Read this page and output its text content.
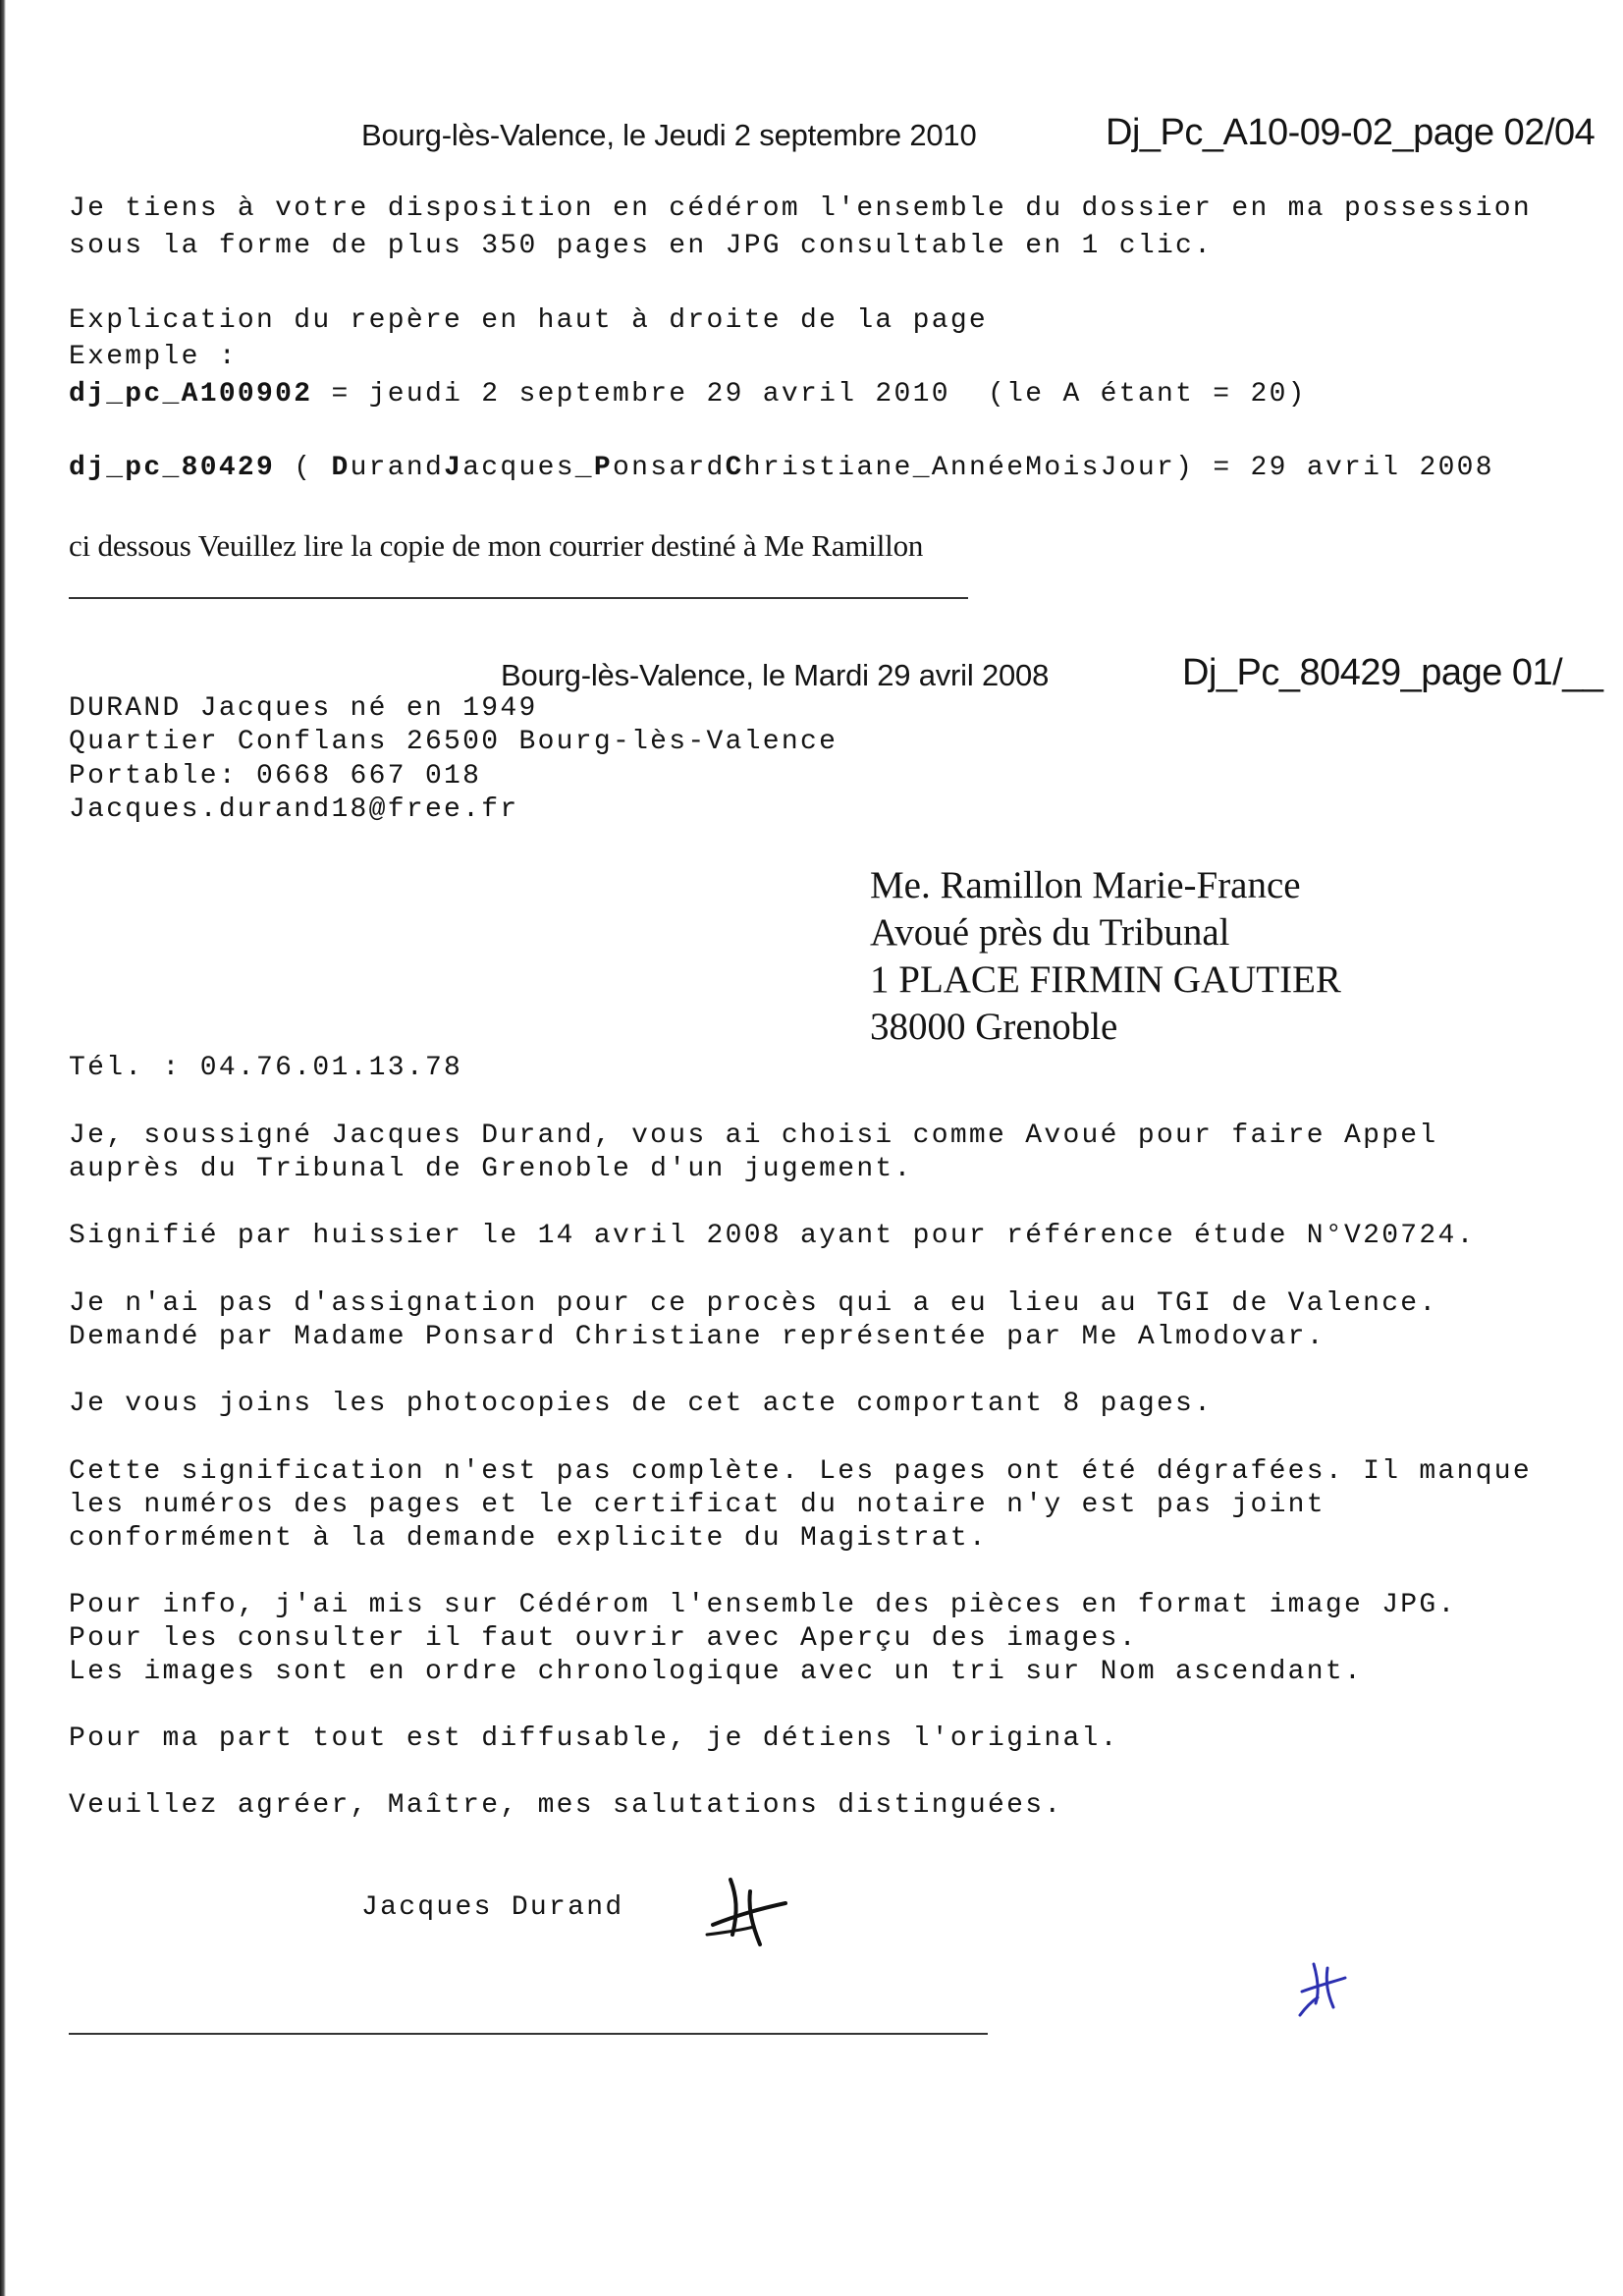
Bourg-lès-Valence, le Jeudi 2 septembre 2010	Dj_Pc_A10-09-02_page 02/04
Je tiens à votre disposition en cédérom l'ensemble du dossier en ma possession
sous la forme de plus 350 pages en JPG consultable en 1 clic.
Explication du repère en haut à droite de la page
Exemple :
dj_pc_A100902 = jeudi 2 septembre 29 avril 2010  (le A étant = 20)
dj_pc_80429 ( DurandJacques_PonsardChristiane_AnnéeMoisJour) = 29 avril 2008
ci dessous Veuillez lire la copie de mon courrier destiné à Me Ramillon
Bourg-lès-Valence, le Mardi 29 avril 2008	Dj_Pc_80429_page 01/__
DURAND Jacques né en 1949
Quartier Conflans 26500 Bourg-lès-Valence
Portable: 0668 667 018
Jacques.durand18@free.fr
Me. Ramillon Marie-France
Avoué près du Tribunal
1 PLACE FIRMIN GAUTIER
38000 Grenoble
Tél. : 04.76.01.13.78
Je, soussigné Jacques Durand, vous ai choisi comme Avoué pour faire Appel
auprès du Tribunal de Grenoble d'un jugement.
Signifié par huissier le 14 avril 2008 ayant pour référence étude N°V20724.
Je n'ai pas d'assignation pour ce procès qui a eu lieu au TGI de Valence.
Demandé par Madame Ponsard Christiane représentée par Me Almodovar.
Je vous joins les photocopies de cet acte comportant 8 pages.
Cette signification n'est pas complète. Les pages ont été dégrafées. Il manque
les numéros des pages et le certificat du notaire n'y est pas joint
conformément à la demande explicite du Magistrat.
Pour info, j'ai mis sur Cédérom l'ensemble des pièces en format image JPG.
Pour les consulter il faut ouvrir avec Aperçu des images.
Les images sont en ordre chronologique avec un tri sur Nom ascendant.
Pour ma part tout est diffusable, je détiens l'original.
Veuillez agréer, Maître, mes salutations distinguées.
Jacques Durand
